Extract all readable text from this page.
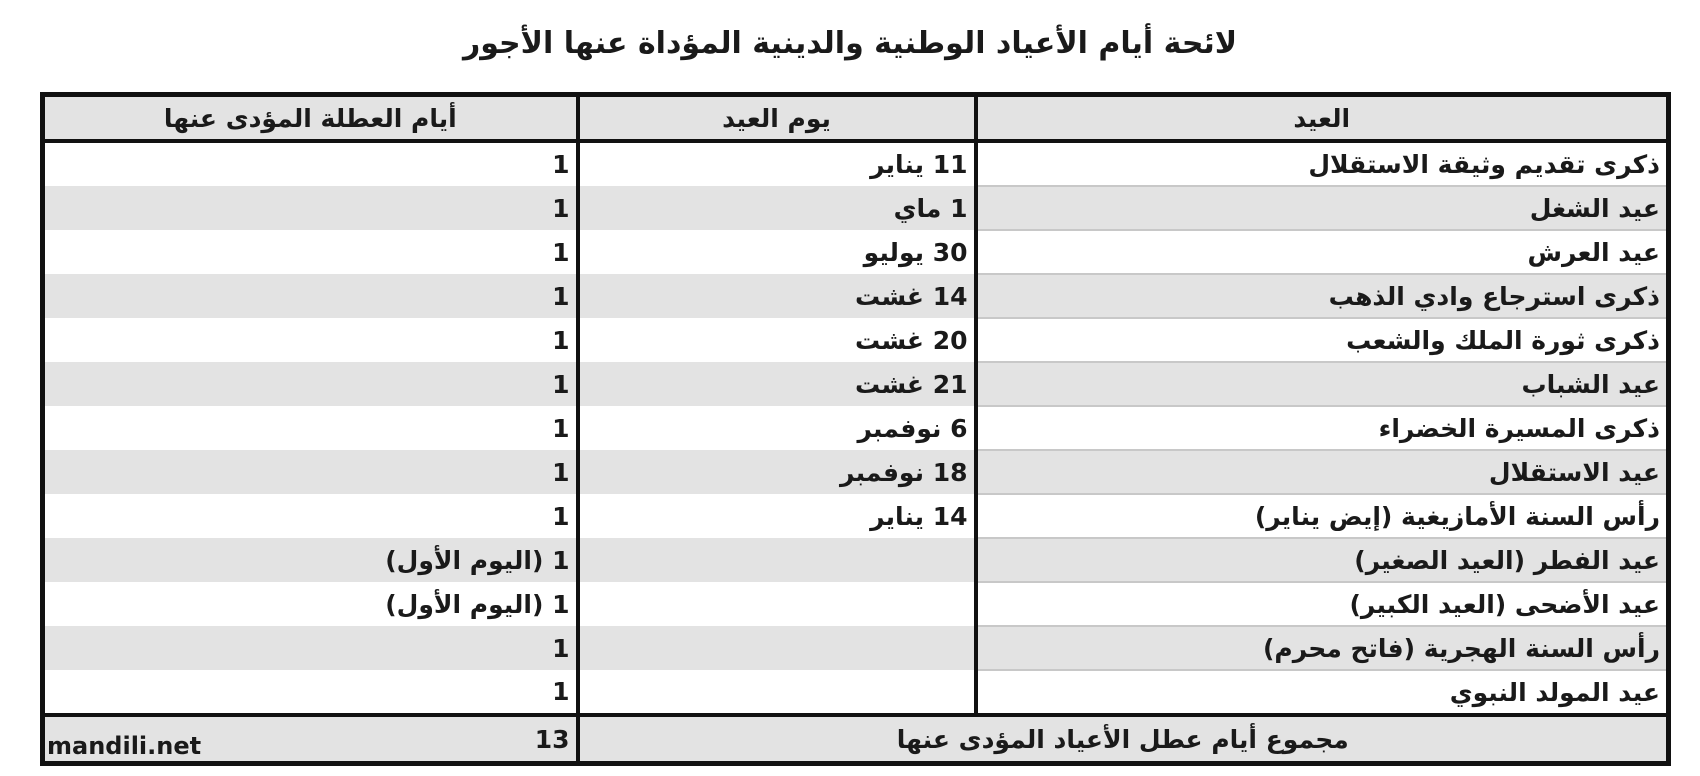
لائحة أيام الأعياد الوطنية والدينية المؤداة عنها الأجور
العيد	يوم العيد	أيام العطلة المؤدى عنها
ذكرى تقديم وثيقة الاستقلال	11 يناير	1
عيد الشغل	1 ماي	1
عيد العرش	30 يوليو	1
ذكرى استرجاع وادي الذهب	14 غشت	1
ذكرى ثورة الملك والشعب	20 غشت	1
عيد الشباب	21 غشت	1
ذكرى المسيرة الخضراء	6 نوفمبر	1
عيد الاستقلال	18 نوفمبر	1
رأس السنة الأمازيغية (إيض يناير)	14 يناير	1
عيد الفطر (العيد الصغير)		1 (اليوم الأول)
عيد الأضحى (العيد الكبير)		1 (اليوم الأول)
رأس السنة الهجرية (فاتح محرم)		1
عيد المولد النبوي		1
مجموع أيام عطل الأعياد المؤدى عنها		13
mandili.net
